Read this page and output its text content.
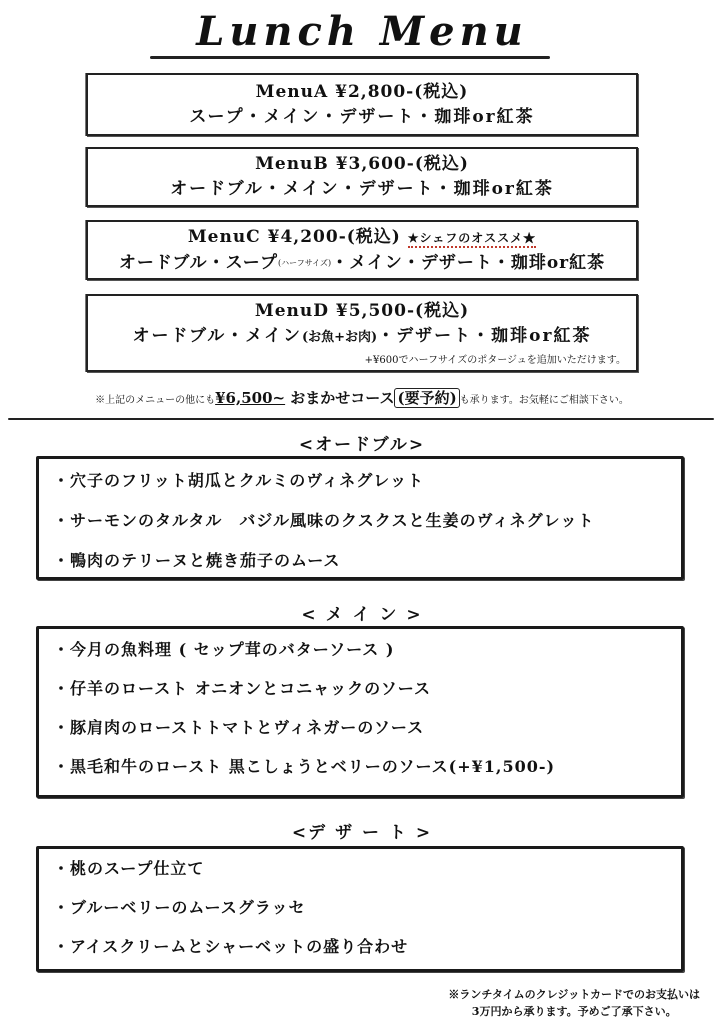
Lunch Menu
MenuA ¥2,800-(税込)
スープ・メイン・デザート・珈琲or紅茶
MenuB ¥3,600-(税込)
オードブル・メイン・デザート・珈琲or紅茶
MenuC ¥4,200-(税込) ★シェフのオススメ★
オードブル・スープ(ハーフサイズ)・メイン・デザート・珈琲or紅茶
MenuD ¥5,500-(税込)
オードブル・メイン(お魚+お肉)・デザート・珈琲or紅茶
+¥600でハーフサイズのポタージュを追加いただけます。
※上記のメニューの他にも¥6,500~ おまかせコース (要予約) も承ります。お気軽にご相談下さい。
<オードブル>
・穴子のフリット胡瓜とクルミのヴィネグレット
・サーモンのタルタル　バジル風味のクスクスと生姜のヴィネグレット
・鴨肉のテリーヌと焼き茄子のムース
< メ イ ン >
・今月の魚料理 ( セップ茸のバターソース )
・仔羊のロースト オニオンとコニャックのソース
・豚肩肉のローストトマトとヴィネガーのソース
・黒毛和牛のロースト 黒こしょうとベリーのソース(+¥1,500-)
<デ ザ ー ト >
・桃のスープ仕立て
・ブルーベリーのムースグラッセ
・アイスクリームとシャーベットの盛り合わせ
※ランチタイムのクレジットカードでのお支払いは
3万円から承ります。予めご了承下さい。
